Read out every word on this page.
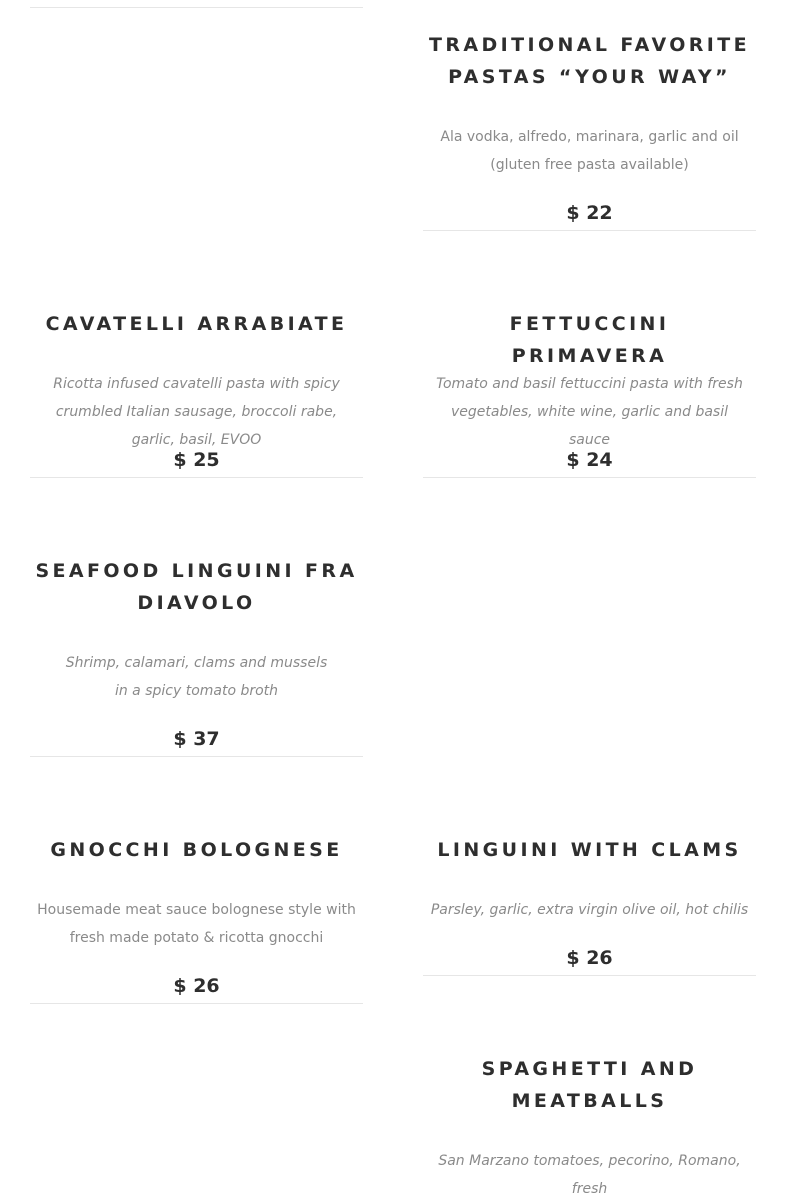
TRADITIONAL FAVORITE PASTAS “YOUR WAY”

Ala vodka, alfredo, marinara, garlic and oil (gluten free pasta available)

$ 22
CAVATELLI ARRABIATE

Ricotta infused cavatelli pasta with spicy crumbled Italian sausage, broccoli rabe, garlic, basil, EVOO

$ 25
FETTUCCINI PRIMAVERA

Tomato and basil fettuccini pasta with fresh vegetables, white wine, garlic and basil sauce

$ 24
SEAFOOD LINGUINI FRA DIAVOLO

Shrimp, calamari, clams and mussels in a spicy tomato broth

$ 37
GNOCCHI BOLOGNESE

Housemade meat sauce bolognese style with fresh made potato & ricotta gnocchi

$ 26
LINGUINI WITH CLAMS

Parsley, garlic, extra virgin olive oil, hot chilis

$ 26
SPAGHETTI AND MEATBALLS

San Marzano tomatoes, pecorino, Romano, fresh
